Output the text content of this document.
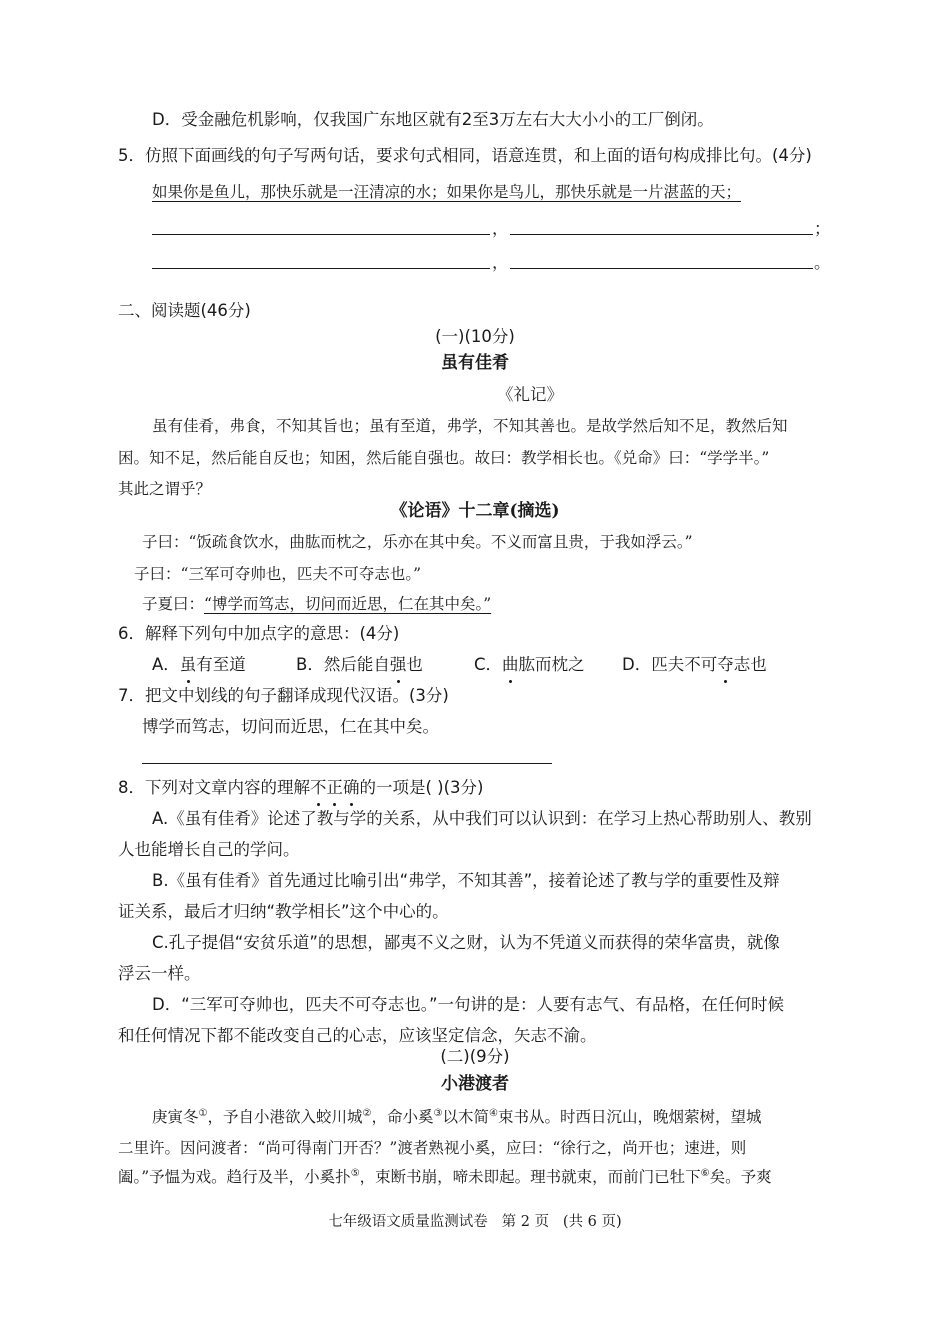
D．受金融危机影响，仅我国广东地区就有2至3万左右大大小小的工厂倒闭。
5．仿照下面画线的句子写两句话，要求句式相同，语意连贯，和上面的语句构成排比句。(4分)
如果你是鱼儿，那快乐就是一汪清凉的水；如果你是鸟儿，那快乐就是一片湛蓝的天；
，	；
，	。
二、阅读题(46分)
(一)(10分)
虽有佳肴
《礼记》
虽有佳肴，弗食，不知其旨也；虽有至道，弗学，不知其善也。是故学然后知不足，教然后知
困。知不足，然后能自反也；知困，然后能自强也。故曰：教学相长也。《兑命》曰：“学学半。”
其此之谓乎？
《论语》十二章(摘选)
子曰：“饭疏食饮水，曲肱而枕之，乐亦在其中矣。不义而富且贵，于我如浮云。”
子曰：“三军可夺帅也，匹夫不可夺志也。”
子夏曰：“博学而笃志，切问而近思，仁在其中矣。”
6．解释下列句中加点字的意思：(4分)
A．虽有至道	B．然后能自强也	C．曲肱而枕之 D．匹夫不可夺志也
7．把文中划线的句子翻译成现代汉语。(3分)
博学而笃志，切问而近思，仁在其中矣。
8．下列对文章内容的理解不正确的一项是( )(3分)
A.《虽有佳肴》论述了教与学的关系，从中我们可以认识到：在学习上热心帮助别人、教别
人也能增长自己的学问。
B.《虽有佳肴》首先通过比喻引出“弗学，不知其善”，接着论述了教与学的重要性及辩
证关系，最后才归纳“教学相长”这个中心的。
C.孔子提倡“安贫乐道”的思想，鄙夷不义之财，认为不凭道义而获得的荣华富贵，就像
浮云一样。
D．“三军可夺帅也，匹夫不可夺志也。”一句讲的是：人要有志气、有品格，在任何时候
和任何情况下都不能改变自己的心志，应该坚定信念，矢志不渝。
(二)(9分)
小港渡者
庚寅冬①，予自小港欲入蛟川城②，命小奚③以木简④束书从。时西日沉山，晚烟萦树，望城
二里许。因问渡者：“尚可得南门开否？”渡者熟视小奚，应曰：“徐行之，尚开也；速进，则
阖。”予愠为戏。趋行及半，小奚扑⑤，束断书崩，啼未即起。理书就束，而前门已牡下⑥矣。予爽
七年级语文质量监测试卷   第 2 页   (共 6 页)
